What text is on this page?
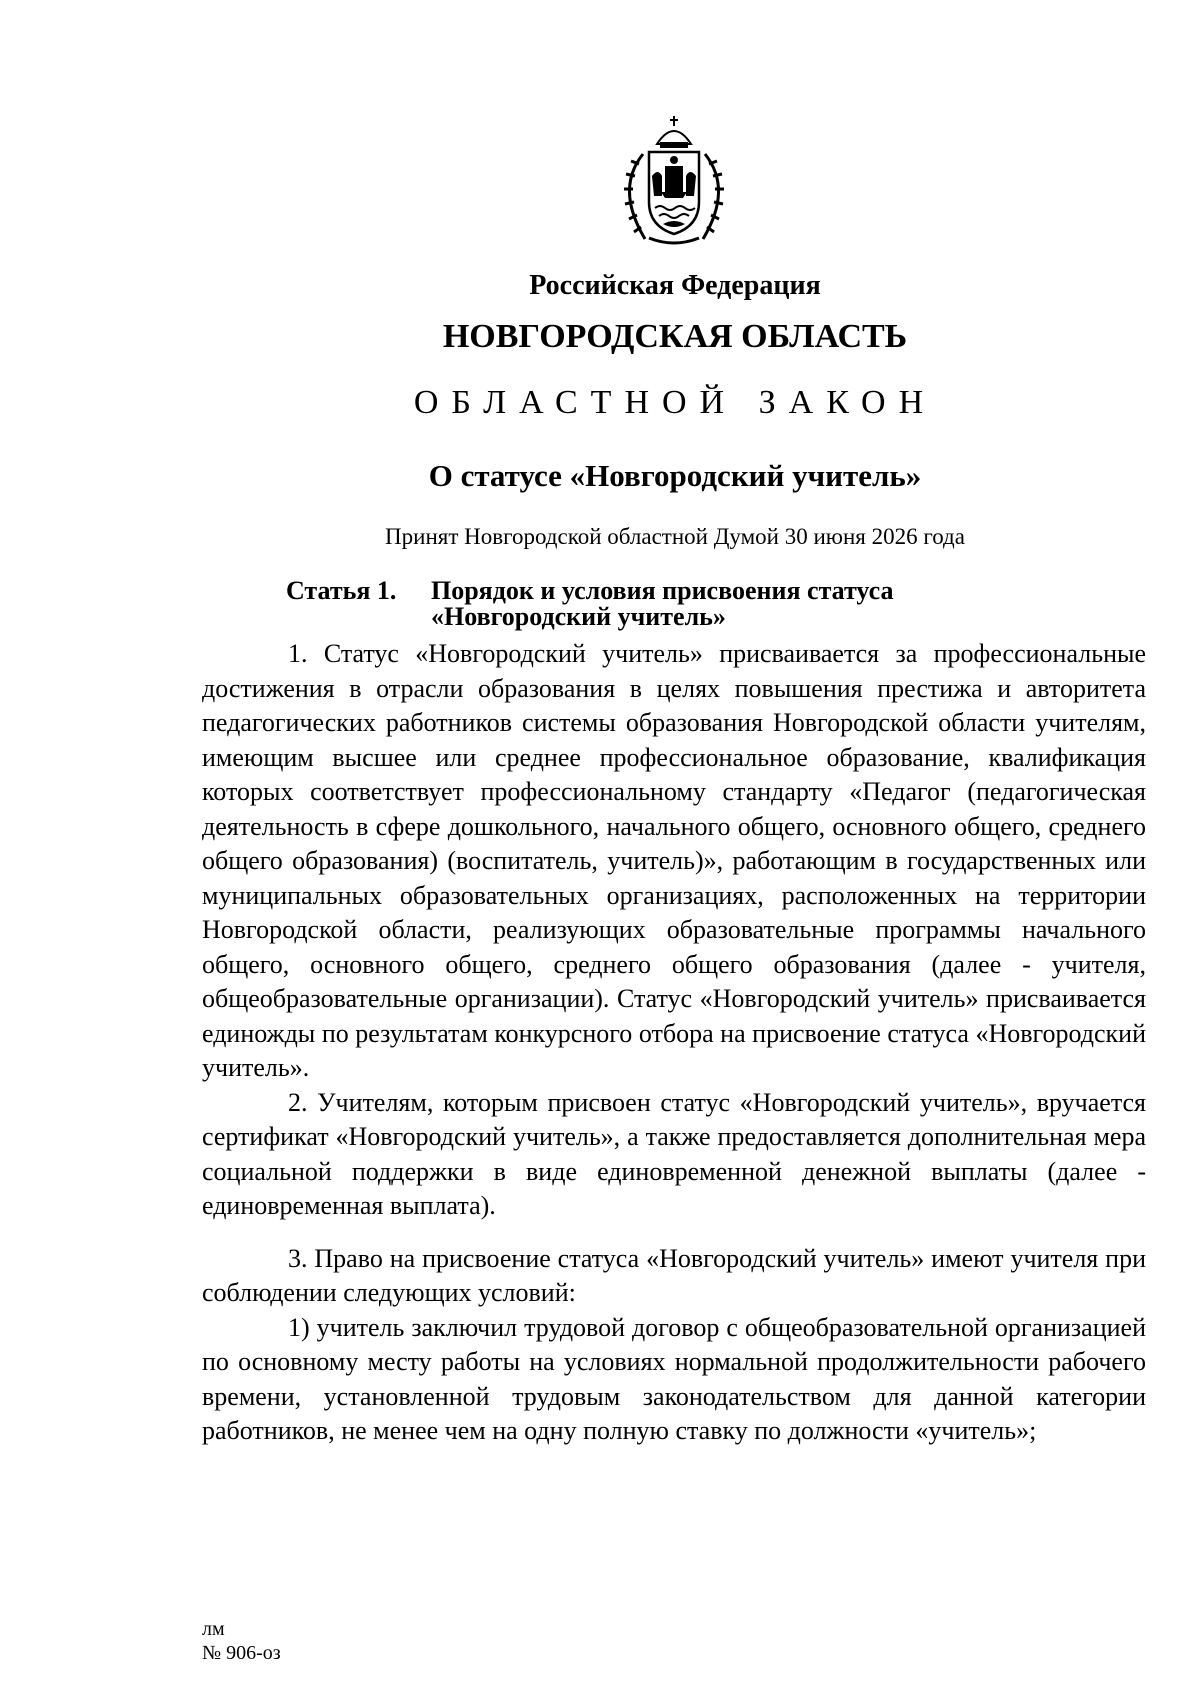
Российская Федерация
НОВГОРОДСКАЯ ОБЛАСТЬ
ОБЛАСТНОЙ ЗАКОН
О статусе «Новгородский учитель»
Принят Новгородской областной Думой 30 июня 2026 года
Статья 1.	Порядок и условия присвоения статуса «Новгородский учитель»

1. Статус «Новгородский учитель» присваивается за профессиональные достижения в отрасли образования в целях повышения престижа и авторитета педагогических работников системы образования Новгородской области учителям, имеющим высшее или среднее профессиональное образование, квалификация которых соответствует профессиональному стандарту «Педагог (педагогическая деятельность в сфере дошкольного, начального общего, основного общего, среднего общего образования) (воспитатель, учитель)», работающим в государственных или муниципальных образовательных организациях, расположенных на территории Новгородской области, реализующих образовательные программы начального общего, основного общего, среднего общего образования (далее - учителя, общеобразовательные организации). Статус «Новгородский учитель» присваивается единожды по результатам конкурсного отбора на присвоение статуса «Новгородский учитель».

2. Учителям, которым присвоен статус «Новгородский учитель», вручается сертификат «Новгородский учитель», а также предоставляется дополнительная мера социальной поддержки в виде единовременной денежной выплаты (далее - единовременная выплата).

3. Право на присвоение статуса «Новгородский учитель» имеют учителя при соблюдении следующих условий:

1) учитель заключил трудовой договор с общеобразовательной организацией по основному месту работы на условиях нормальной продолжительности рабочего времени, установленной трудовым законодательством для данной категории работников, не менее чем на одну полную ставку по должности «учитель»;

лм
№ 906-оз
